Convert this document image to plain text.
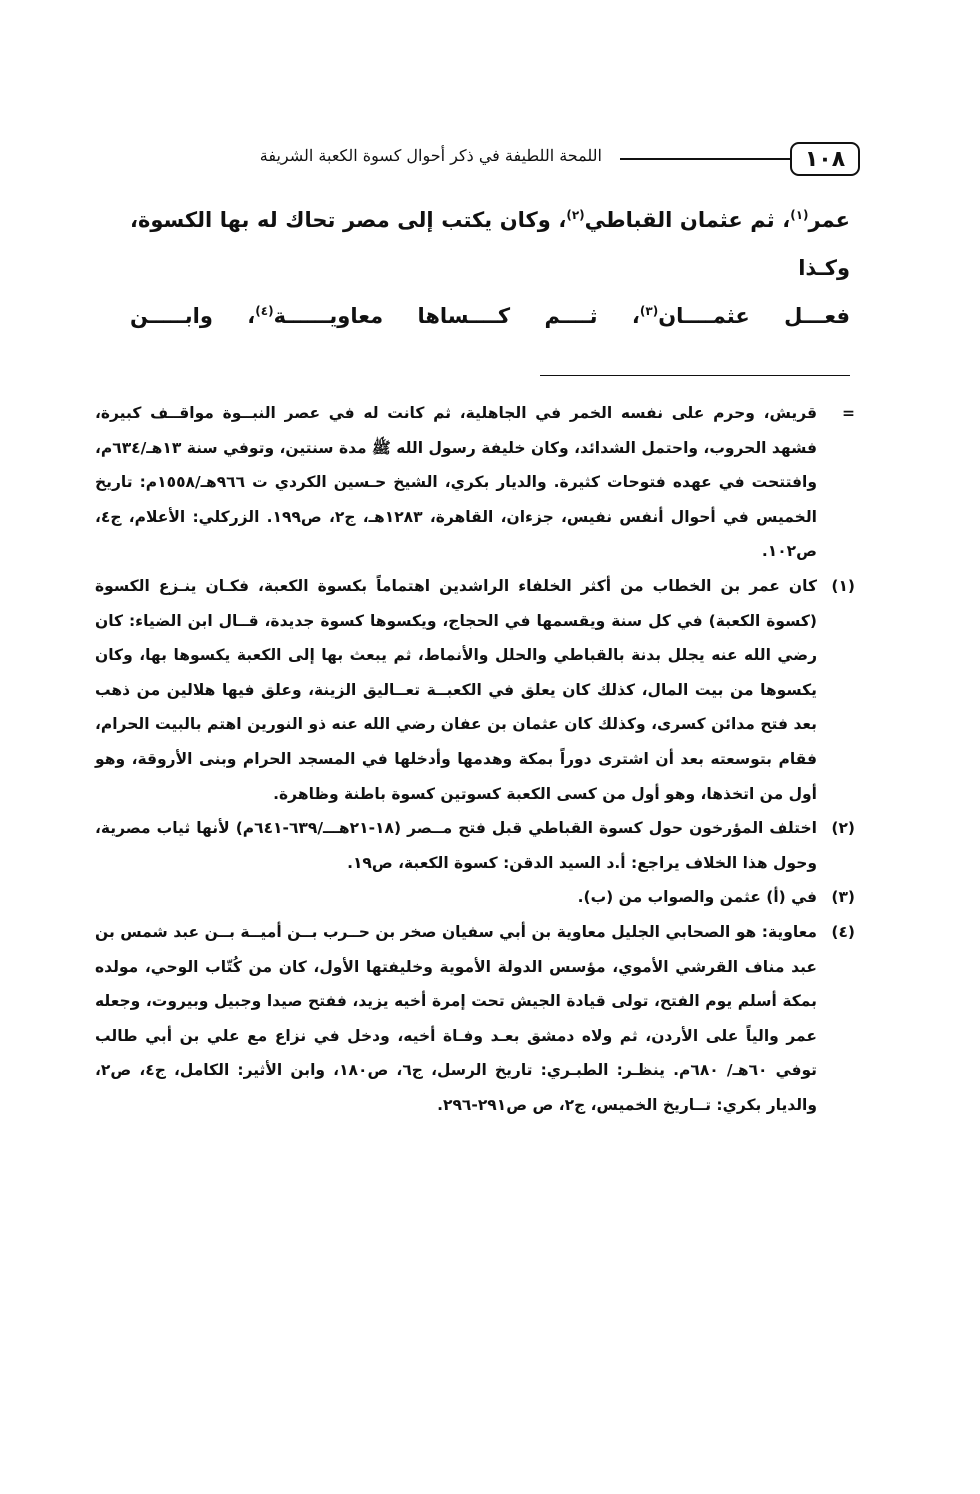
١٠٨
اللمحة اللطيفة في ذكر أحوال كسوة الكعبة الشريفة

عمر$^{(١)}$، ثم عثمان القباطي$^{(٢)}$، وكان يكتب إلى مصر تحاك له بها الكسوة، وكـذا

فعـــل عثمــــان$^{(٣)}$، ثــــم كــــساها معاويــــــة$^{(٤)}$، وابـــــن

=
قريش، وحرم على نفسه الخمر في الجاهلية، ثم كانت له في عصر النبــوة مواقــف كبيرة، فشهد الحروب، واحتمل الشدائد، وكان خليفة رسول الله ﷺ مدة سنتين، وتوفي سنة ١٣هـ/٦٣٤م، وافتتحت في عهده فتوحات كثيرة. والديار بكري، الشيخ حـسين الكردي ت ٩٦٦هـ/١٥٥٨م: تاريخ الخميس في أحوال أنفس نفيس، جزءان، القاهرة، ١٢٨٣هـ، ج٢، ص١٩٩. الزركلي: الأعلام، ج٤، ص١٠٢.
(١)
كان عمر بن الخطاب من أكثر الخلفاء الراشدين اهتماماً بكسوة الكعبة، فكـان ينـزع الكسوة (كسوة الكعبة) في كل سنة ويقسمها في الحجاج، ويكسوها كسوة جديدة، قــال ابن الضياء: كان رضي الله عنه يجلل بدنة بالقباطي والحلل والأنماط، ثم يبعث بها إلى الكعبة يكسوها بها، وكان يكسوها من بيت المال، كذلك كان يعلق في الكعبــة تعــاليق الزينة، وعلق فيها هلالين من ذهب بعد فتح مدائن كسرى، وكذلك كان عثمان بن عفان رضي الله عنه ذو النورين اهتم بالبيت الحرام، فقام بتوسعته بعد أن اشترى دوراً بمكة وهدمها وأدخلها في المسجد الحرام وبنى الأروقة، وهو أول من اتخذها، وهو أول من كسى الكعبة كسوتين كسوة باطنة وظاهرة.
(٢)
اختلف المؤرخون حول كسوة القباطي قبل فتح مــصر (١٨-٢١هـــ/٦٣٩-٦٤١م) لأنها ثياب مصرية، وحول هذا الخلاف يراجع: أ.د السيد الدقن: كسوة الكعبة، ص١٩.
(٣)
في (أ) عثمن والصواب من (ب).
(٤)
معاوية: هو الصحابي الجليل معاوية بن أبي سفيان صخر بن حــرب بــن أميــة بــن عبد شمس بن عبد مناف القرشي الأموي، مؤسس الدولة الأموية وخليفتها الأول، كان من كُتّاب الوحي، مولده بمكة أسلم يوم الفتح، تولى قيادة الجيش تحت إمرة أخيه يزيد، ففتح صيدا وجبيل وبيروت، وجعله عمر والياً على الأردن، ثم ولاه دمشق بعـد وفـاة أخيه، ودخل في نزاع مع علي بن أبي طالب توفي ٦٠هـ/ ٦٨٠م. ينظـر: الطبـري: تاريخ الرسل، ج٦، ص١٨٠، وابن الأثير: الكامل، ج٤، ص٢، والديار بكري: تــاريخ الخميس، ج٢، ص ص٢٩١-٢٩٦.
